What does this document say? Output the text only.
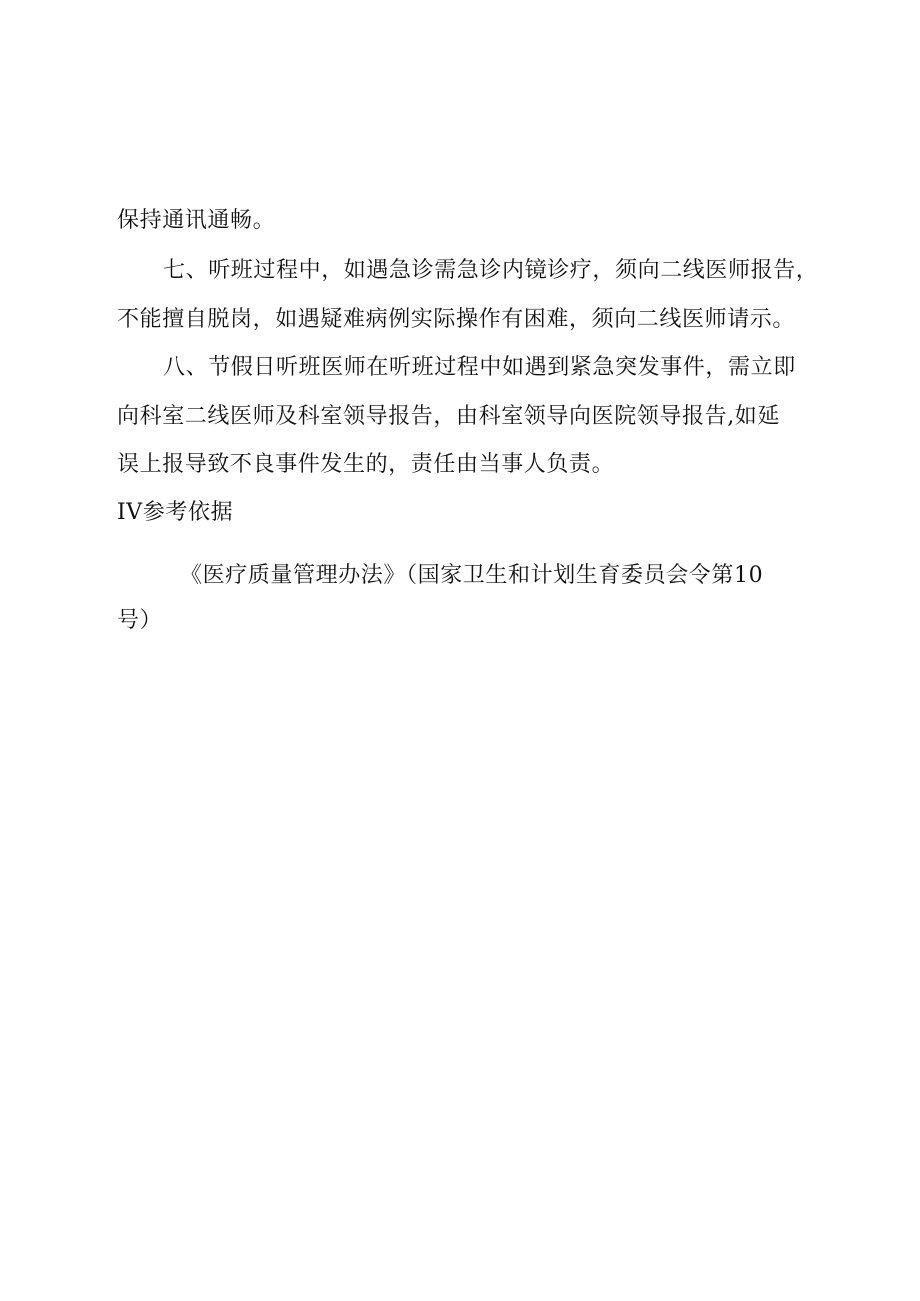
保持通讯通畅。
七、听班过程中，如遇急诊需急诊内镜诊疗，须向二线医师报告，
不能擅自脱岗，如遇疑难病例实际操作有困难，须向二线医师请示。
八、节假日听班医师在听班过程中如遇到紧急突发事件，需立即
向科室二线医师及科室领导报告，由科室领导向医院领导报告,如延
误上报导致不良事件发生的，责任由当事人负责。
IV参考依据
《医疗质量管理办法》（国家卫生和计划生育委员会令第10
号）
